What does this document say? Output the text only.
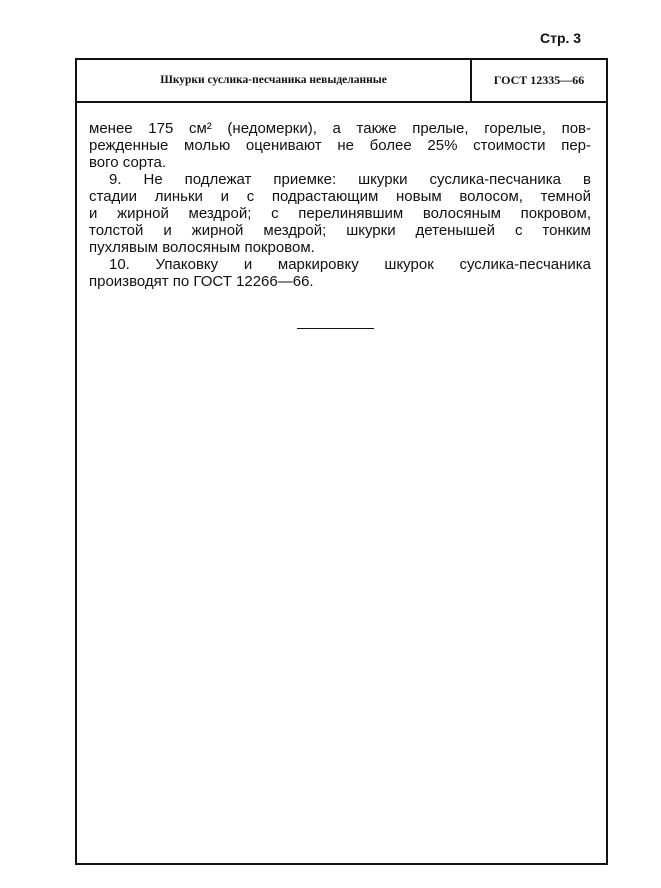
Стр. 3
Шкурки суслика-песчаника невыделанные	ГОСТ 12335—66
менее 175 см² (недомерки), а также прелые, горелые, пов-
режденные молью оценивают не более 25% стоимости пер-
вого сорта.
9. Не подлежат приемке: шкурки суслика-песчаника в
стадии линьки и с подрастающим новым волосом, темной
и жирной мездрой; с перелинявшим волосяным покровом,
толстой и жирной мездрой; шкурки детенышей с тонким
пухлявым волосяным покровом.
10. Упаковку и маркировку шкурок суслика-песчаника
производят по ГОСТ 12266—66.
